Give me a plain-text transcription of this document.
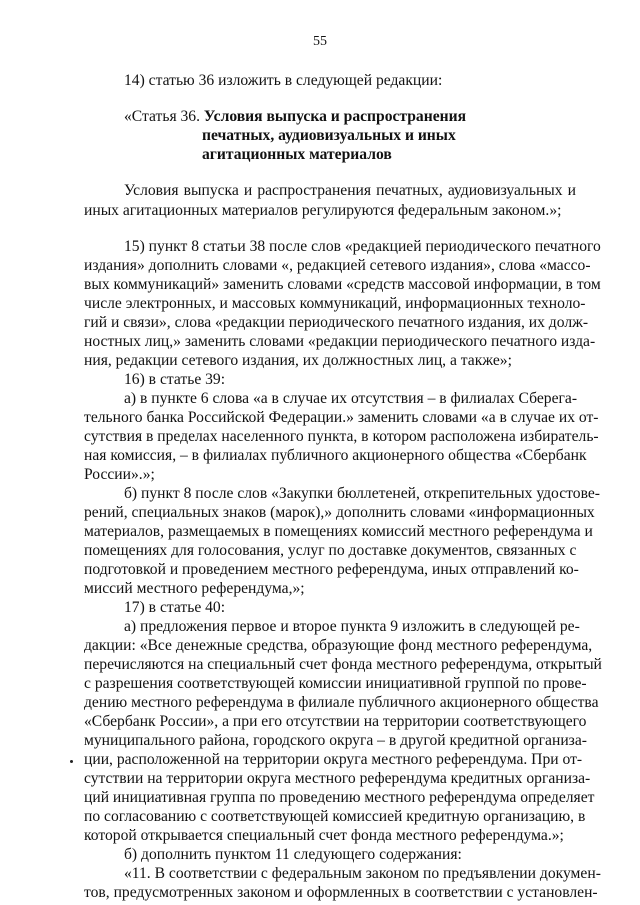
55
14) статью 36 изложить в следующей редакции:
«Статья 36. Условия выпуска и распространения
печатных, аудиовизуальных и иных
агитационных материалов
Условия выпуска и распространения печатных, аудиовизуальных и
иных агитационных материалов регулируются федеральным законом.»;
15) пункт 8 статьи 38 после слов «редакцией периодического печатного
издания» дополнить словами «, редакцией сетевого издания», слова «массо-
вых коммуникаций» заменить словами «средств массовой информации, в том
числе электронных, и массовых коммуникаций, информационных техноло-
гий и связи», слова «редакции периодического печатного издания, их долж-
ностных лиц,» заменить словами «редакции периодического печатного изда-
ния, редакции сетевого издания, их должностных лиц, а также»;
16) в статье 39:
а) в пункте 6 слова «а в случае их отсутствия – в филиалах Сберега-
тельного банка Российской Федерации.» заменить словами «а в случае их от-
сутствия в пределах населенного пункта, в котором расположена избиратель-
ная комиссия, – в филиалах публичного акционерного общества «Сбербанк
России».»;
б) пункт 8 после слов «Закупки бюллетеней, открепительных удостове-
рений, специальных знаков (марок),» дополнить словами «информационных
материалов, размещаемых в помещениях комиссий местного референдума и
помещениях для голосования, услуг по доставке документов, связанных с
подготовкой и проведением местного референдума, иных отправлений ко-
миссий местного референдума,»;
17) в статье 40:
а) предложения первое и второе пункта 9 изложить в следующей ре-
дакции: «Все денежные средства, образующие фонд местного референдума,
перечисляются на специальный счет фонда местного референдума, открытый
с разрешения соответствующей комиссии инициативной группой по прове-
дению местного референдума в филиале публичного акционерного общества
«Сбербанк России», а при его отсутствии на территории соответствующего
муниципального района, городского округа – в другой кредитной организа-
ции, расположенной на территории округа местного референдума. При от-
сутствии на территории округа местного референдума кредитных организа-
ций инициативная группа по проведению местного референдума определяет
по согласованию с соответствующей комиссией кредитную организацию, в
которой открывается специальный счет фонда местного референдума.»;
б) дополнить пунктом 11 следующего содержания:
«11. В соответствии с федеральным законом по предъявлении докумен-
тов, предусмотренных законом и оформленных в соответствии с установлен-
